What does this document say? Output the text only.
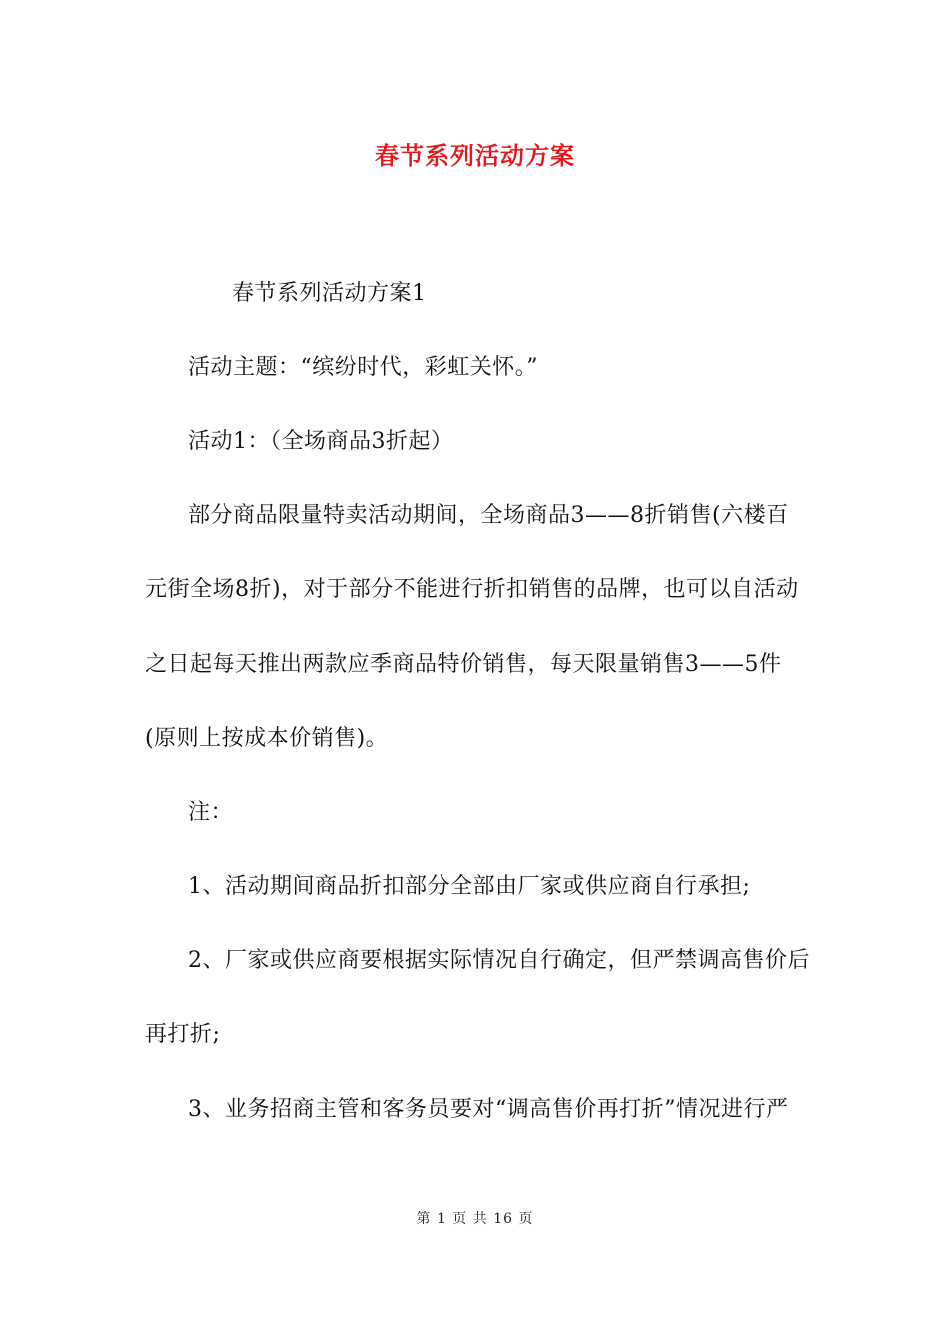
春节系列活动方案
春节系列活动方案1
活动主题：“缤纷时代，彩虹关怀。”
活动1：（全场商品3折起）
部分商品限量特卖活动期间，全场商品3——8折销售(六楼百
元街全场8折)，对于部分不能进行折扣销售的品牌，也可以自活动
之日起每天推出两款应季商品特价销售，每天限量销售3——5件
(原则上按成本价销售)。
注：
1、活动期间商品折扣部分全部由厂家或供应商自行承担;
2、厂家或供应商要根据实际情况自行确定，但严禁调高售价后
再打折;
3、业务招商主管和客务员要对“调高售价再打折”情况进行严
第 1 页 共 16 页
